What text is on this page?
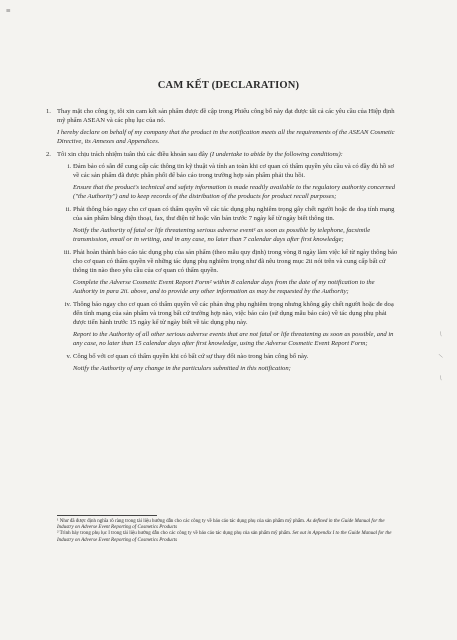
≡
CAM KẾT (DECLARATION)
1. Thay mặt cho công ty, tôi xin cam kết sản phẩm được đề cập trong Phiếu công bố này đạt được tất cả các yêu cầu của Hiệp định mỹ phẩm ASEAN và các phụ lục của nó.
I hereby declare on behalf of my company that the product in the notification meets all the requirements of the ASEAN Cosmetic Directive, its Annexes and Appendices.
2. Tôi xin chịu trách nhiệm tuân thủ các điều khoản sau đây (I undertake to abide by the following conditions):
i. Đảm bảo có sẵn để cung cấp các thông tin kỹ thuật và tính an toàn khi cơ quan có thẩm quyền yêu cầu và có đầy đủ hồ sơ về các sản phẩm đã được phân phối để báo cáo trong trường hợp sản phẩm phải thu hồi.
Ensure that the product's technical and safety information is made readily available to the regulatory authority concerned ("the Authority") and to keep records of the distribution of the products for product recall purposes;
ii. Phải thông báo ngay cho cơ quan có thẩm quyền về các tác dụng phụ nghiêm trọng gây chết người hoặc đe doạ tính mạng của sản phẩm bằng điện thoại, fax, thư điện tử hoặc văn bản trước 7 ngày kể từ ngày biết thông tin.
Notify the Authority of fatal or life threatening serious adverse event¹ as soon as possible by telephone, facsimile transmission, email or in writing, and in any case, no later than 7 calendar days after first knowledge;
iii. Phải hoàn thành báo cáo tác dụng phụ của sản phẩm (theo mẫu quy định) trong vòng 8 ngày làm việc kể từ ngày thông báo cho cơ quan có thẩm quyền về những tác dụng phụ nghiêm trọng như đã nêu trong mục 2ii nói trên và cung cấp bất cứ thông tin nào theo yêu cầu của cơ quan có thẩm quyền.
Complete the Adverse Cosmetic Event Report Form² within 8 calendar days from the date of my notification to the Authority in para 2ii. above, and to provide any other information as may be requested by the Authority;
iv. Thông báo ngay cho cơ quan có thẩm quyền về các phản ứng phụ nghiêm trọng nhưng không gây chết người hoặc đe doạ đến tính mạng của sản phẩm và trong bất cứ trường hợp nào, việc báo cáo (sử dụng mẫu báo cáo) về tác dụng phụ phải được tiến hành trước 15 ngày kể từ ngày biết về tác dụng phụ này.
Report to the Authority of all other serious adverse events that are not fatal or life threatening as soon as possible, and in any case, no later than 15 calendar days after first knowledge, using the Adverse Cosmetic Event Report Form;
v. Công bố với cơ quan có thẩm quyền khi có bất cứ sự thay đổi nào trong bản công bố này.
Notify the Authority of any change in the particulars submitted in this notification;
¹ Như đã được định nghĩa rõ ràng trong tài liệu hướng dẫn cho các công ty về báo cáo tác dụng phụ của sản phẩm mỹ phẩm. As defined in the Guide Manual for the Industry on Adverse Event Reporting of Cosmetics Products
² Trình bày trong phụ lục I trong tài liệu hướng dẫn cho các công ty về báo cáo tác dụng phụ của sản phẩm mỹ phẩm. Set out in Appendix I to the Guide Manual for the Industry on Adverse Event Reporting of Cosmetics Products
/
\
/
